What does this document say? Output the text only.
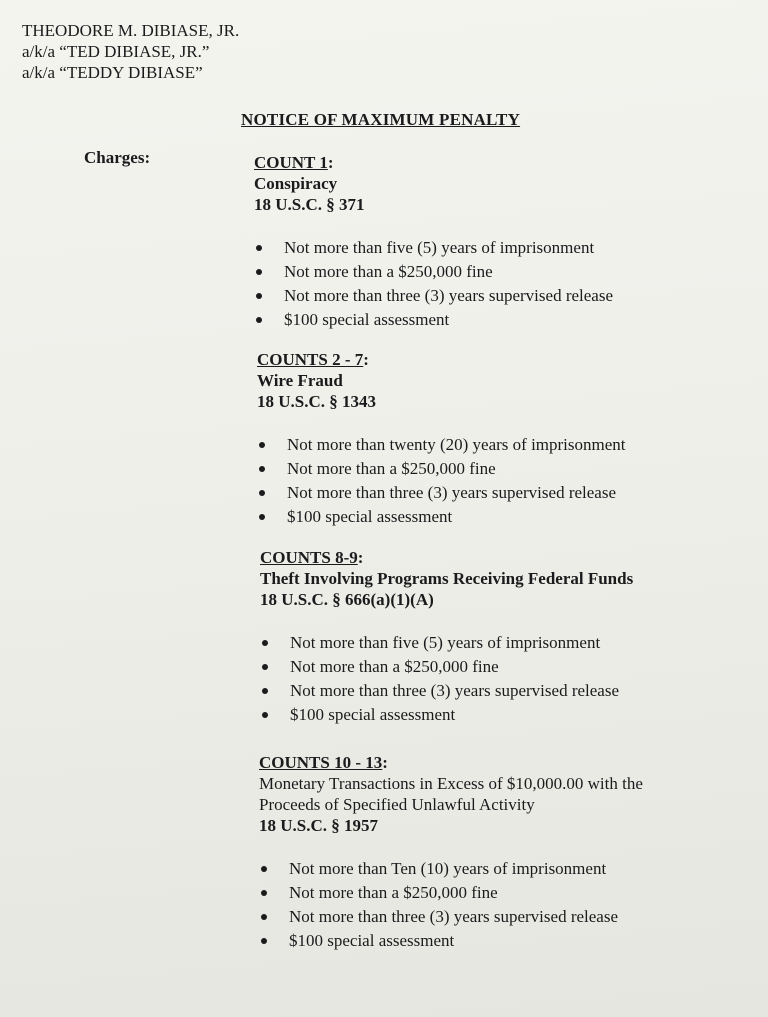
THEODORE M. DIBIASE, JR.
a/k/a “TED DIBIASE, JR.”
a/k/a “TEDDY DIBIASE”
NOTICE OF MAXIMUM PENALTY
Charges:	COUNT 1:
Conspiracy
18 U.S.C. § 371
Not more than five (5) years of imprisonment
Not more than a $250,000 fine
Not more than three (3) years supervised release
$100 special assessment
COUNTS 2 - 7:
Wire Fraud
18 U.S.C. § 1343
Not more than twenty (20) years of imprisonment
Not more than a $250,000 fine
Not more than three (3) years supervised release
$100 special assessment
COUNTS 8-9:
Theft Involving Programs Receiving Federal Funds
18 U.S.C. § 666(a)(1)(A)
Not more than five (5) years of imprisonment
Not more than a $250,000 fine
Not more than three (3) years supervised release
$100 special assessment
COUNTS 10 - 13:
Monetary Transactions in Excess of $10,000.00 with the
Proceeds of Specified Unlawful Activity
18 U.S.C. § 1957
Not more than Ten (10) years of imprisonment
Not more than a $250,000 fine
Not more than three (3) years supervised release
$100 special assessment
